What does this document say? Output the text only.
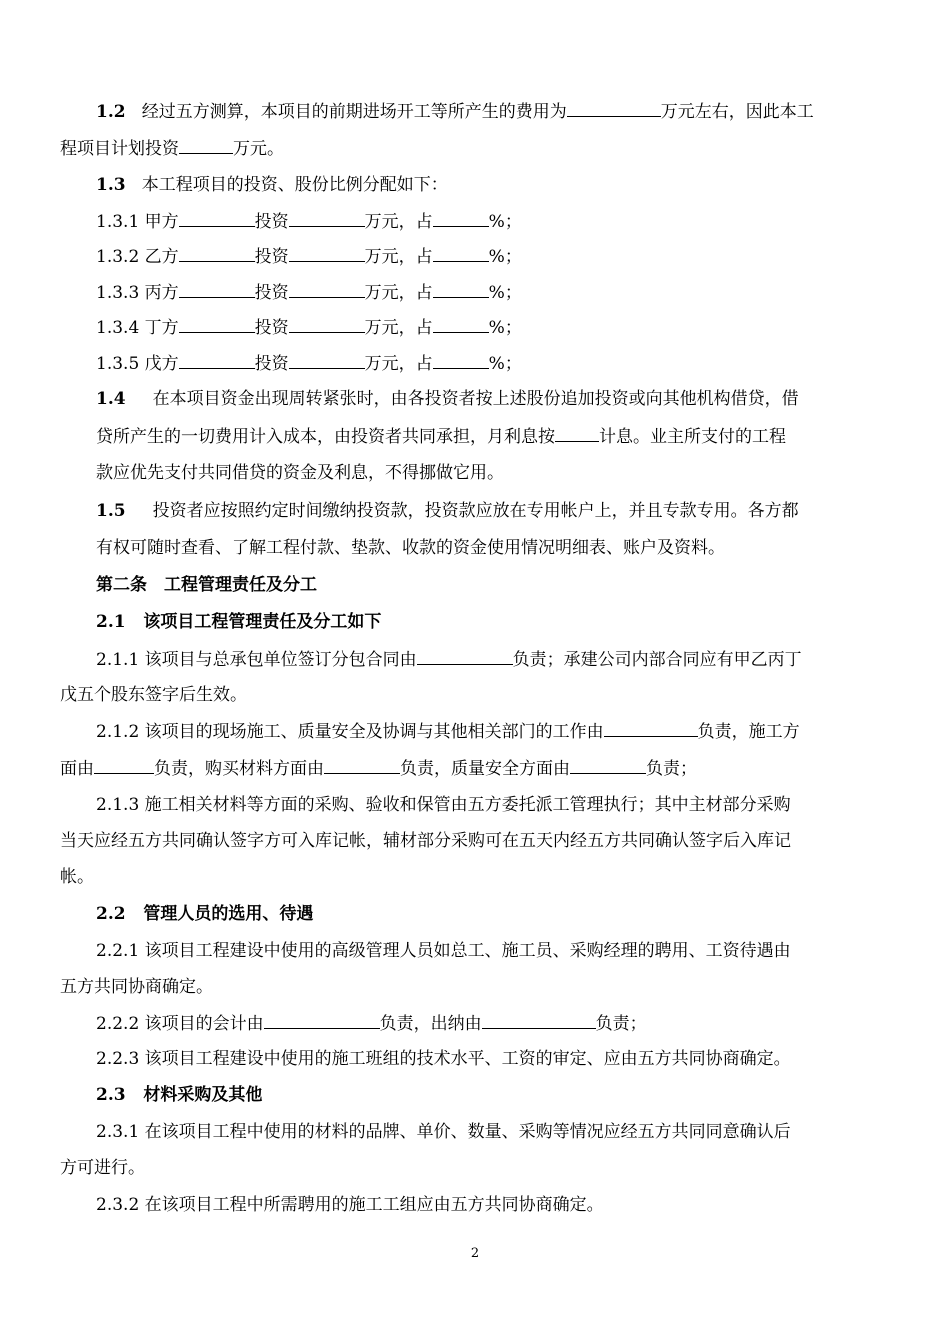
1.2 经过五方测算，本项目的前期进场开工等所产生的费用为	万元左右，因此本工
程项目计划投资	万元。
1.3 本工程项目的投资、股份比例分配如下：
1.3.1 甲方	投资	万元，占	%；
1.3.2 乙方	投资	万元，占	%；
1.3.3 丙方	投资	万元，占	%；
1.3.4 丁方	投资	万元，占	%；
1.3.5 戊方	投资	万元，占	%；
1.4 在本项目资金出现周转紧张时，由各投资者按上述股份追加投资或向其他机构借贷，借
贷所产生的一切费用计入成本，由投资者共同承担，月利息按	计息。业主所支付的工程
款应优先支付共同借贷的资金及利息，不得挪做它用。
1.5 投资者应按照约定时间缴纳投资款，投资款应放在专用帐户上，并且专款专用。各方都
有权可随时查看、了解工程付款、垫款、收款的资金使用情况明细表、账户及资料。
第二条　工程管理责任及分工
2.1 该项目工程管理责任及分工如下
2.1.1 该项目与总承包单位签订分包合同由	负责；承建公司内部合同应有甲乙丙丁
戊五个股东签字后生效。
2.1.2 该项目的现场施工、质量安全及协调与其他相关部门的工作由	负责，施工方
面由	负责，购买材料方面由	负责，质量安全方面由	负责；
2.1.3 施工相关材料等方面的采购、验收和保管由五方委托派工管理执行；其中主材部分采购
当天应经五方共同确认签字方可入库记帐，辅材部分采购可在五天内经五方共同确认签字后入库记
帐。
2.2 管理人员的选用、待遇
2.2.1 该项目工程建设中使用的高级管理人员如总工、施工员、采购经理的聘用、工资待遇由
五方共同协商确定。
2.2.2 该项目的会计由	负责，出纳由	负责；
2.2.3 该项目工程建设中使用的施工班组的技术水平、工资的审定、应由五方共同协商确定。
2.3 材料采购及其他
2.3.1 在该项目工程中使用的材料的品牌、单价、数量、采购等情况应经五方共同同意确认后
方可进行。
2.3.2 在该项目工程中所需聘用的施工工组应由五方共同协商确定。
2
